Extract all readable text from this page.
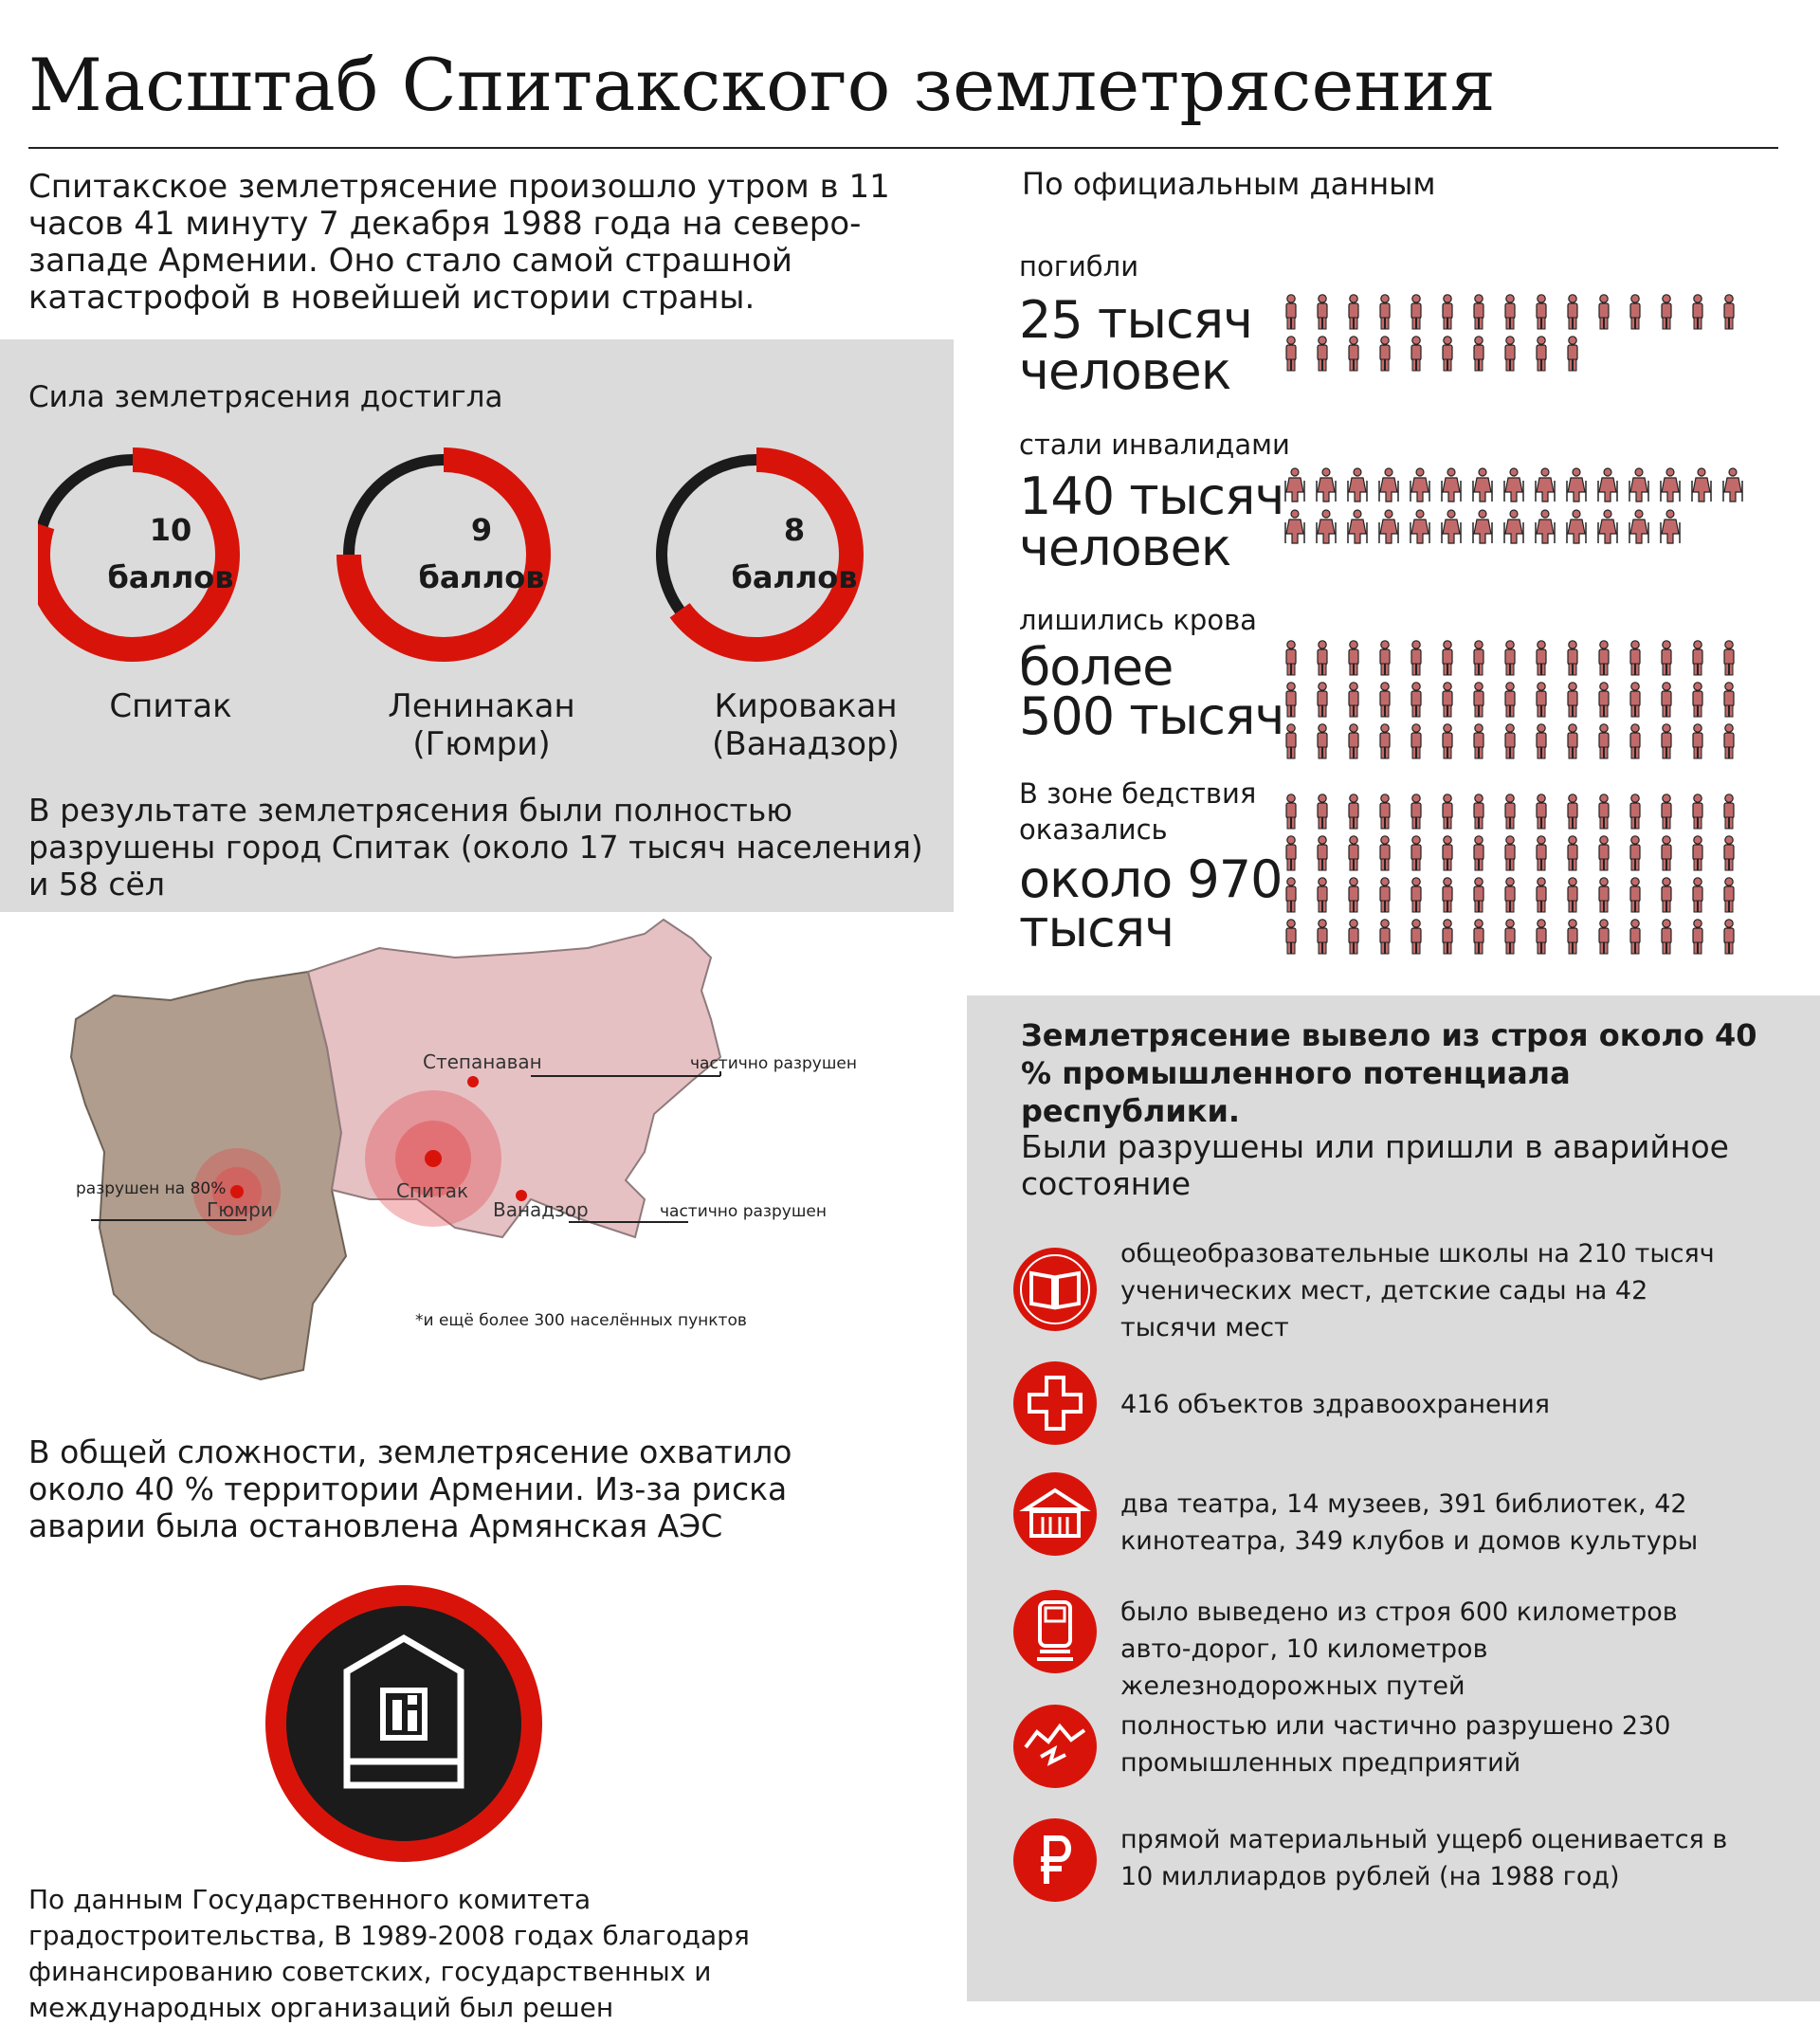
Масштаб Спитакского землетрясения
Спитакское землетрясение произошло утром в 11 часов 41 минуту 7 декабря 1988 года на северо-западе Армении. Оно стало самой страшной катастрофой в новейшей истории страны.
Сила землетрясения достигла
10
баллов
9
баллов
8
баллов
Спитак	Ленинакан
(Гюмри)
Кировакан
(Ванадзор)
В результате землетрясения были полностью разрушены город Спитак (около 17 тысяч населения) и 58 сёл
По официальным данным
погибли
25 тысяч
человек
стали инвалидами
140 тысяч
человек
лишились крова
более
500 тысяч
В зоне бедствия оказались
около 970
тысяч
Степанаван	частично разрушен
Гюмри
разрушен на 80%	Спитак
Ванадзор	частично разрушен
*и ещё более 300 населённых пунктов
В общей сложности, землетрясение охватило около 40 % территории Армении. Из-за риска аварии была остановлена Армянская АЭС
По данным Государственного комитета градостроительства, В 1989-2008 годах благодаря финансированию советских, государственных и международных организаций был решен
Землетрясение вывело из строя около 40 % промышленного потенциала республики.
Были разрушены или пришли в аварийное состояние
общеобразовательные школы на 210 тысяч ученических мест, детские сады на 42 тысячи мест
416 объектов здравоохранения
два театра, 14 музеев, 391 библиотек, 42 кинотеатра, 349 клубов и домов культуры
было выведено из строя 600 километров авто-дорог, 10 километров железнодорожных путей
полностью или частично разрушено 230 промышленных предприятий
прямой материальный ущерб оценивается в 10 миллиардов рублей (на 1988 год)
